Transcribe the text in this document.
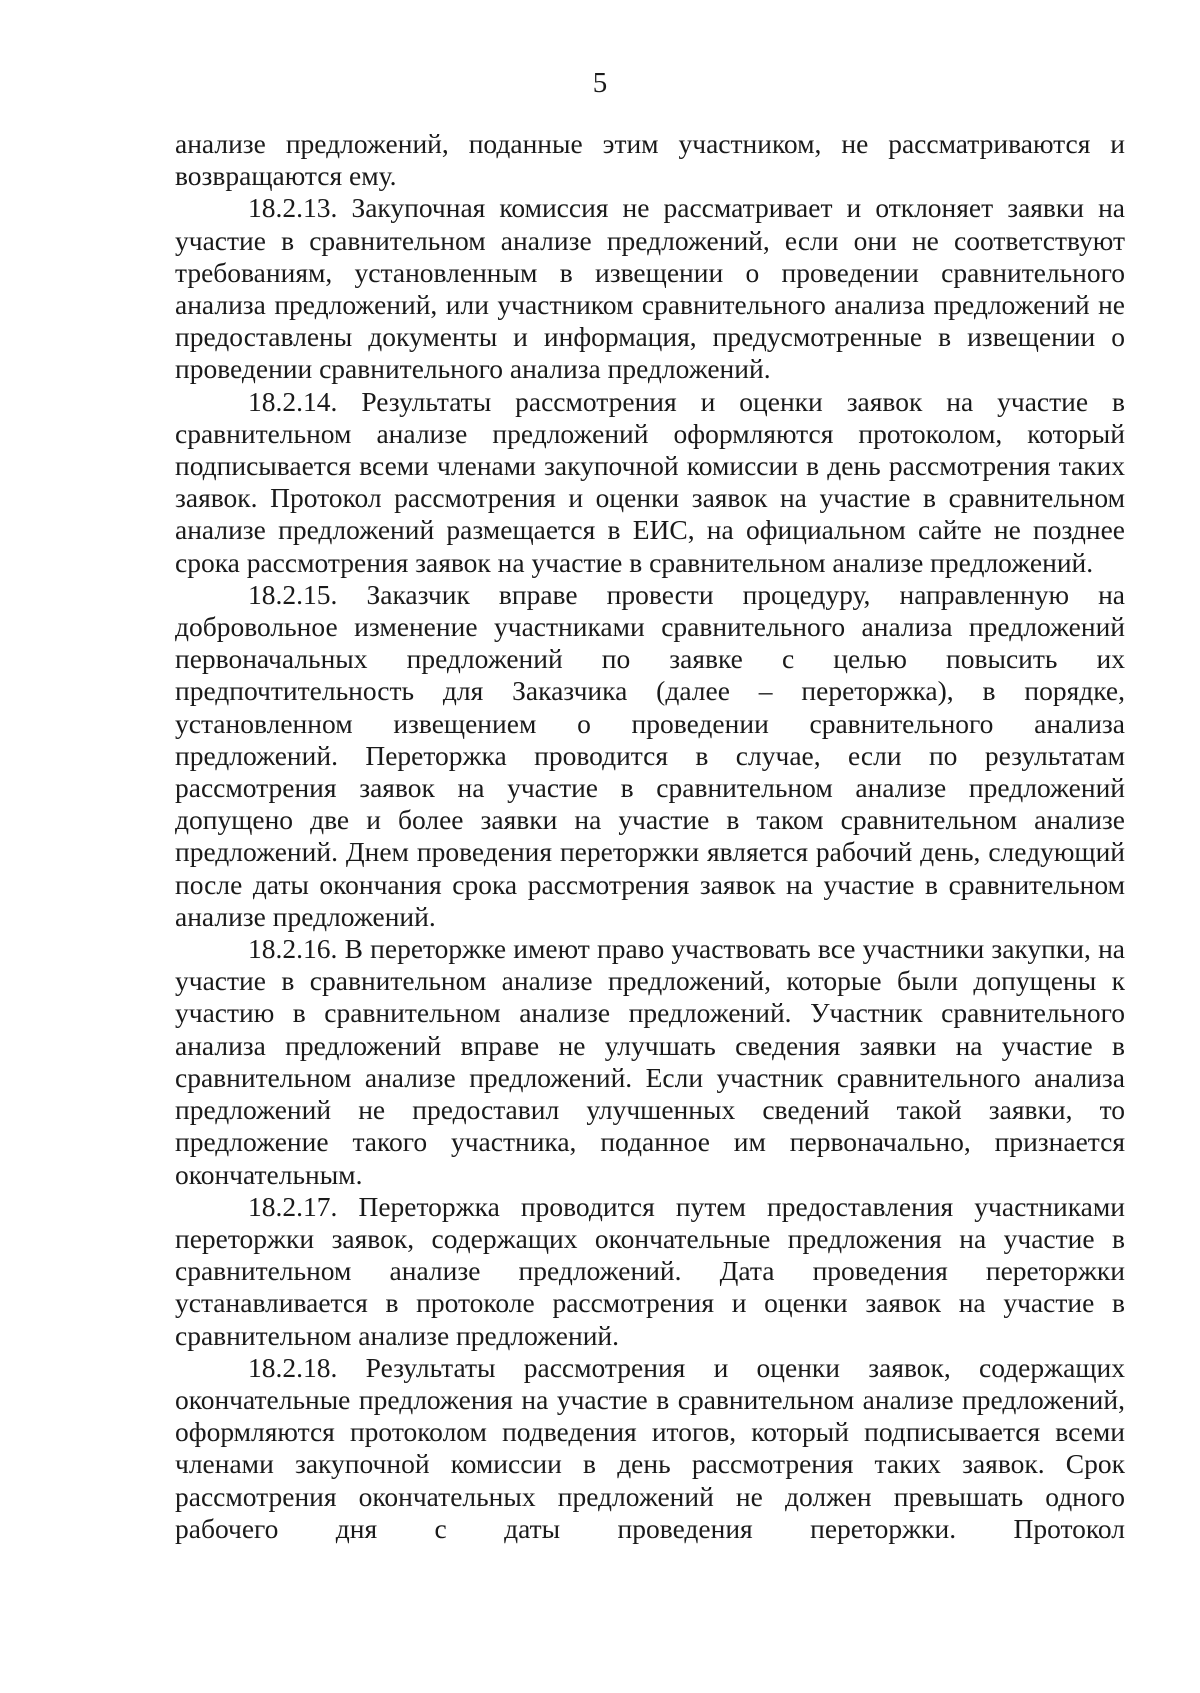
5

анализе предложений, поданные этим участником, не рассматриваются и возвращаются ему.

18.2.13. Закупочная комиссия не рассматривает и отклоняет заявки на участие в сравнительном анализе предложений, если они не соответствуют требованиям, установленным в извещении о проведении сравнительного анализа предложений, или участником сравнительного анализа предложений не предоставлены документы и информация, предусмотренные в извещении о проведении сравнительного анализа предложений.

18.2.14. Результаты рассмотрения и оценки заявок на участие в сравнительном анализе предложений оформляются протоколом, который подписывается всеми членами закупочной комиссии в день рассмотрения таких заявок. Протокол рассмотрения и оценки заявок на участие в сравнительном анализе предложений размещается в ЕИС, на официальном сайте не позднее срока рассмотрения заявок на участие в сравнительном анализе предложений.

18.2.15. Заказчик вправе провести процедуру, направленную на добровольное изменение участниками сравнительного анализа предложений первоначальных предложений по заявке с целью повысить их предпочтительность для Заказчика (далее – переторжка), в порядке, установленном извещением о проведении сравнительного анализа предложений. Переторжка проводится в случае, если по результатам рассмотрения заявок на участие в сравнительном анализе предложений допущено две и более заявки на участие в таком сравнительном анализе предложений. Днем проведения переторжки является рабочий день, следующий после даты окончания срока рассмотрения заявок на участие в сравнительном анализе предложений.

18.2.16. В переторжке имеют право участвовать все участники закупки, на участие в сравнительном анализе предложений, которые были допущены к участию в сравнительном анализе предложений. Участник сравнительного анализа предложений вправе не улучшать сведения заявки на участие в сравнительном анализе предложений. Если участник сравнительного анализа предложений не предоставил улучшенных сведений такой заявки, то предложение такого участника, поданное им первоначально, признается окончательным.

18.2.17. Переторжка проводится путем предоставления участниками переторжки заявок, содержащих окончательные предложения на участие в сравнительном анализе предложений. Дата проведения переторжки устанавливается в протоколе рассмотрения и оценки заявок на участие в сравнительном анализе предложений.

18.2.18. Результаты рассмотрения и оценки заявок, содержащих окончательные предложения на участие в сравнительном анализе предложений, оформляются протоколом подведения итогов, который подписывается всеми членами закупочной комиссии в день рассмотрения таких заявок. Срок рассмотрения окончательных предложений не должен превышать одного рабочего дня с даты проведения переторжки. Протокол
